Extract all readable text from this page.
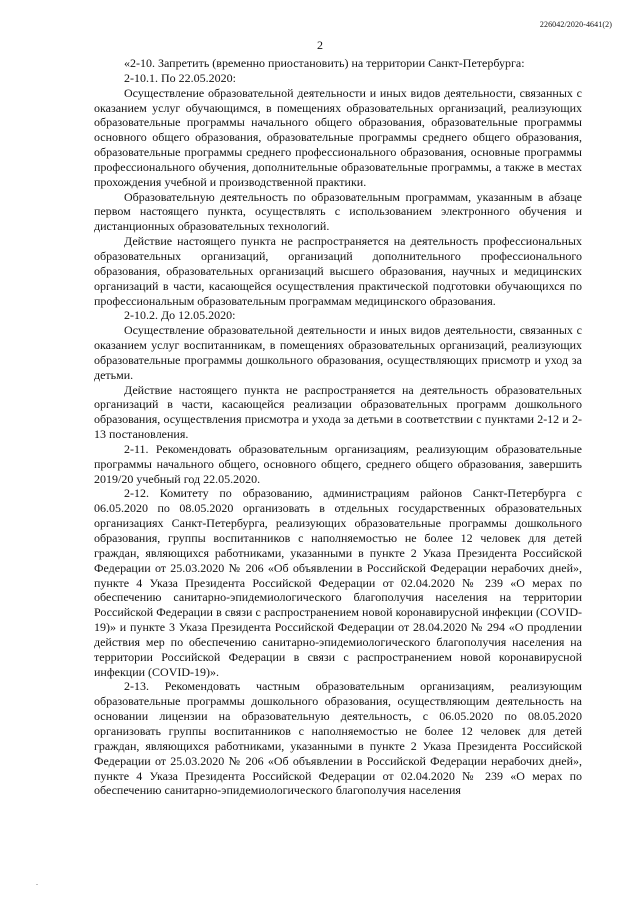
226042/2020-4641(2)
2

«2-10. Запретить (временно приостановить) на территории Санкт-Петербурга:

2-10.1. По 22.05.2020:

Осуществление образовательной деятельности и иных видов деятельности, связанных с оказанием услуг обучающимся, в помещениях образовательных организаций, реализующих образовательные программы начального общего образования, образовательные программы основного общего образования, образовательные программы среднего общего образования, образовательные программы среднего профессионального образования, основные программы профессионального обучения, дополнительные образовательные программы, а также в местах прохождения учебной и производственной практики.

Образовательную деятельность по образовательным программам, указанным в абзаце первом настоящего пункта, осуществлять с использованием электронного обучения и дистанционных образовательных технологий.

Действие настоящего пункта не распространяется на деятельность профессиональных образовательных организаций, организаций дополнительного профессионального образования, образовательных организаций высшего образования, научных и медицинских организаций в части, касающейся осуществления практической подготовки обучающихся по профессиональным образовательным программам медицинского образования.

2-10.2. До 12.05.2020:

Осуществление образовательной деятельности и иных видов деятельности, связанных с оказанием услуг воспитанникам, в помещениях образовательных организаций, реализующих образовательные программы дошкольного образования, осуществляющих присмотр и уход за детьми.

Действие настоящего пункта не распространяется на деятельность образовательных организаций в части, касающейся реализации образовательных программ дошкольного образования, осуществления присмотра и ухода за детьми в соответствии с пунктами 2-12 и 2-13 постановления.

2-11. Рекомендовать образовательным организациям, реализующим образовательные программы начального общего, основного общего, среднего общего образования, завершить 2019/20 учебный год 22.05.2020.

2-12. Комитету по образованию, администрациям районов Санкт-Петербурга с 06.05.2020 по 08.05.2020 организовать в отдельных государственных образовательных организациях Санкт-Петербурга, реализующих образовательные программы дошкольного образования, группы воспитанников с наполняемостью не более 12 человек для детей граждан, являющихся работниками, указанными в пункте 2 Указа Президента Российской Федерации от 25.03.2020 № 206 «Об объявлении в Российской Федерации нерабочих дней», пункте 4 Указа Президента Российской Федерации от 02.04.2020 № 239 «О мерах по обеспечению санитарно-эпидемиологического благополучия населения на территории Российской Федерации в связи с распространением новой коронавирусной инфекции (COVID-19)» и пункте 3 Указа Президента Российской Федерации от 28.04.2020 № 294 «О продлении действия мер по обеспечению санитарно-эпидемиологического благополучия населения на территории Российской Федерации в связи с распространением новой коронавирусной инфекции (COVID-19)».

2-13. Рекомендовать частным образовательным организациям, реализующим образовательные программы дошкольного образования, осуществляющим деятельность на основании лицензии на образовательную деятельность, с 06.05.2020 по 08.05.2020 организовать группы воспитанников с наполняемостью не более 12 человек для детей граждан, являющихся работниками, указанными в пункте 2 Указа Президента Российской Федерации от 25.03.2020 № 206 «Об объявлении в Российской Федерации нерабочих дней», пункте 4 Указа Президента Российской Федерации от 02.04.2020 № 239 «О мерах по обеспечению санитарно-эпидемиологического благополучия населения

.
